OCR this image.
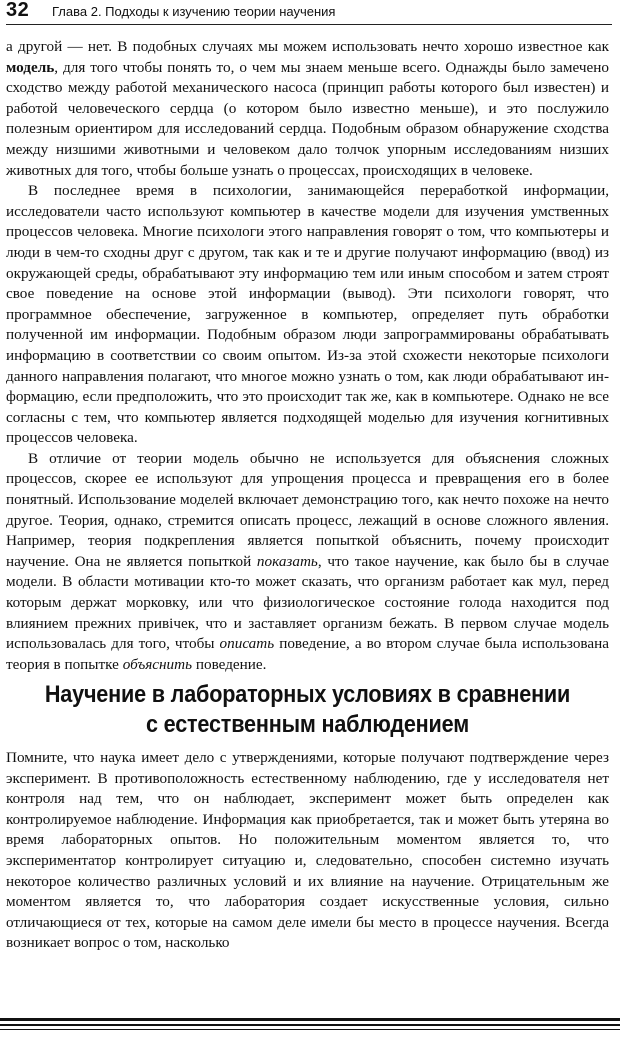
32 Глава 2. Подходы к изучению теории научения

а другой — нет. В подобных случаях мы можем использовать нечто хорошо известное как модель, для того чтобы понять то, о чем мы знаем меньше всего. Однажды было замечено сходство между работой механического насоса (принцип работы которого был известен) и работой человеческого сердца (о котором было известно меньше), и это послужило полезным ориентиром для исследований сердца. Подобным образом обнаружение сходства между низшими животными и человеком дало толчок упорным исследованиям низших животных для того, чтобы больше узнать о процессах, происходящих в человеке.

В последнее время в психологии, занимающейся переработкой информации, исследователи часто используют компьютер в качестве модели для изучения умственных процессов человека. Многие психологи этого направления говорят о том, что компьютеры и люди в чем-то сходны друг с другом, так как и те и другие получают информацию (ввод) из окружающей среды, обрабатывают эту информацию тем или иным способом и затем строят свое поведение на основе этой информации (вывод). Эти психологи говорят, что программное обеспечение, загруженное в компьютер, определяет путь обработки полученной им информации. Подобным образом люди запрограммированы обрабатывать информацию в соответствии со своим опытом. Из-за этой схожести некоторые психологи данного направления полагают, что многое можно узнать о том, как люди обрабатывают информацию, если предположить, что это происходит так же, как в компьютере. Однако не все согласны с тем, что компьютер является подходящей моделью для изучения когнитивных процессов человека.

В отличие от теории модель обычно не используется для объяснения сложных процессов, скорее ее используют для упрощения процесса и превращения его в более понятный. Использование моделей включает демонстрацию того, как нечто похоже на нечто другое. Теория, однако, стремится описать процесс, лежащий в основе сложного явления. Например, теория подкрепления является попыткой объяснить, почему происходит научение. Она не является попыткой показать, что такое научение, как было бы в случае модели. В области мотивации кто-то может сказать, что организм работает как мул, перед которым держат морковку, или что физиологическое состояние голода находится под влиянием прежних привічек, что и заставляет организм бежать. В первом случае модель использовалась для того, чтобы описать поведение, а во втором случае была использована теория в попытке объяснить поведение.

Научение в лабораторных условиях в сравнении
с естественным наблюдением

Помните, что наука имеет дело с утверждениями, которые получают подтверждение через эксперимент. В противоположность естественному наблюдению, где у исследователя нет контроля над тем, что он наблюдает, эксперимент может быть определен как контролируемое наблюдение. Информация как приобретается, так и может быть утеряна во время лабораторных опытов. Но положительным моментом является то, что экспериментатор контролирует ситуацию и, следовательно, способен системно изучать некоторое количество различных условий и их влияние на научение. Отрицательным же моментом является то, что лаборатория создает искусственные условия, сильно отличающиеся от тех, которые на самом деле имели бы место в процессе научения. Всегда возникает вопрос о том, насколько
